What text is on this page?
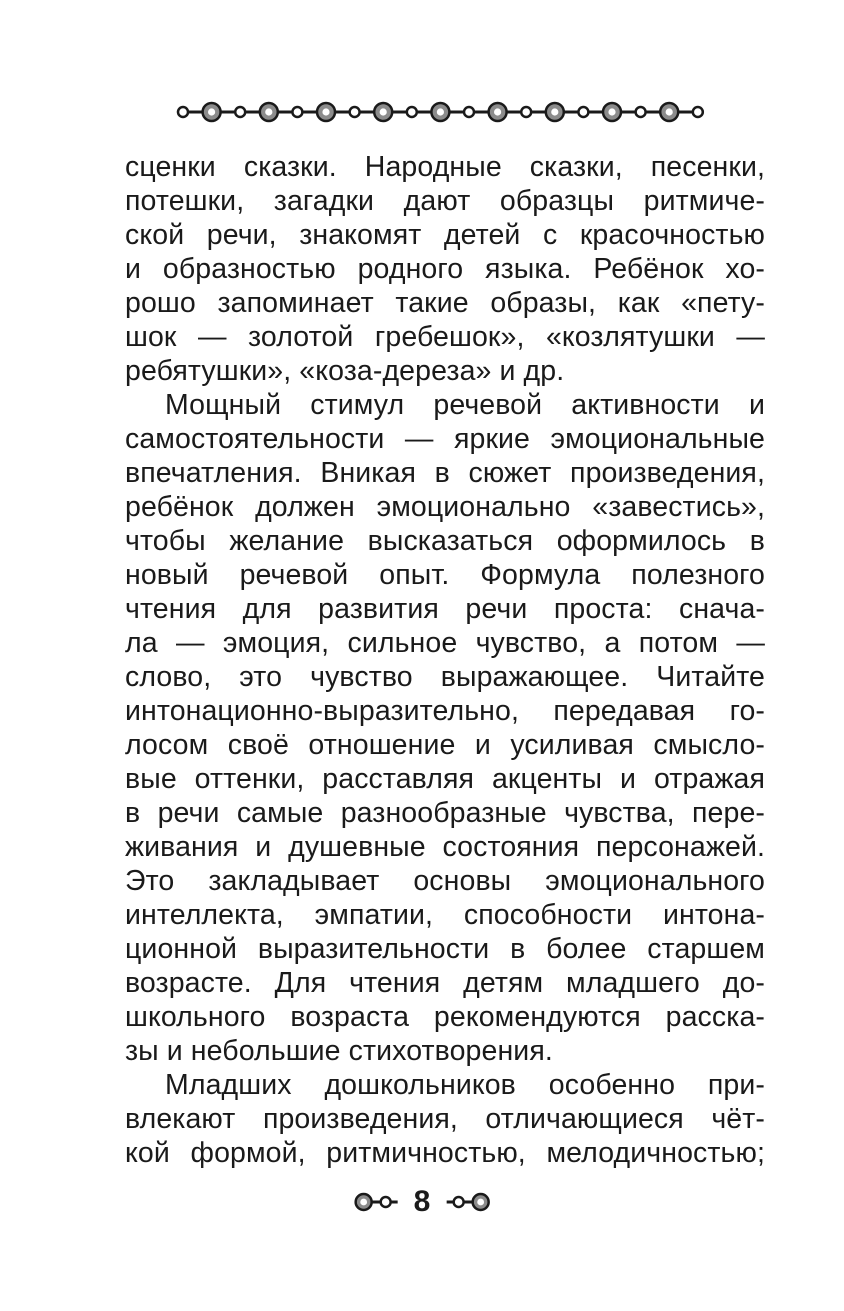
сценки сказки. Народные сказки, песенки,
потешки, загадки дают образцы ритмиче-
ской речи, знакомят детей с красочностью
и образностью родного языка. Ребёнок хо-
рошо запоминает такие образы, как «пету-
шок — золотой гребешок», «козлятушки —
ребятушки», «коза-дереза» и др.
Мощный стимул речевой активности и
самостоятельности — яркие эмоциональные
впечатления. Вникая в сюжет произведения,
ребёнок должен эмоционально «завестись»,
чтобы желание высказаться оформилось в
новый речевой опыт. Формула полезного
чтения для развития речи проста: снача-
ла — эмоция, сильное чувство, а потом —
слово, это чувство выражающее. Читайте
интонационно-выразительно, передавая го-
лосом своё отношение и усиливая смысло-
вые оттенки, расставляя акценты и отражая
в речи самые разнообразные чувства, пере-
живания и душевные состояния персонажей.
Это закладывает основы эмоционального
интеллекта, эмпатии, способности интона-
ционной выразительности в более старшем
возрасте. Для чтения детям младшего до-
школьного возраста рекомендуются расска-
зы и небольшие стихотворения.
Младших дошкольников особенно при-
влекают произведения, отличающиеся чёт-
кой формой, ритмичностью, мелодичностью;
8
